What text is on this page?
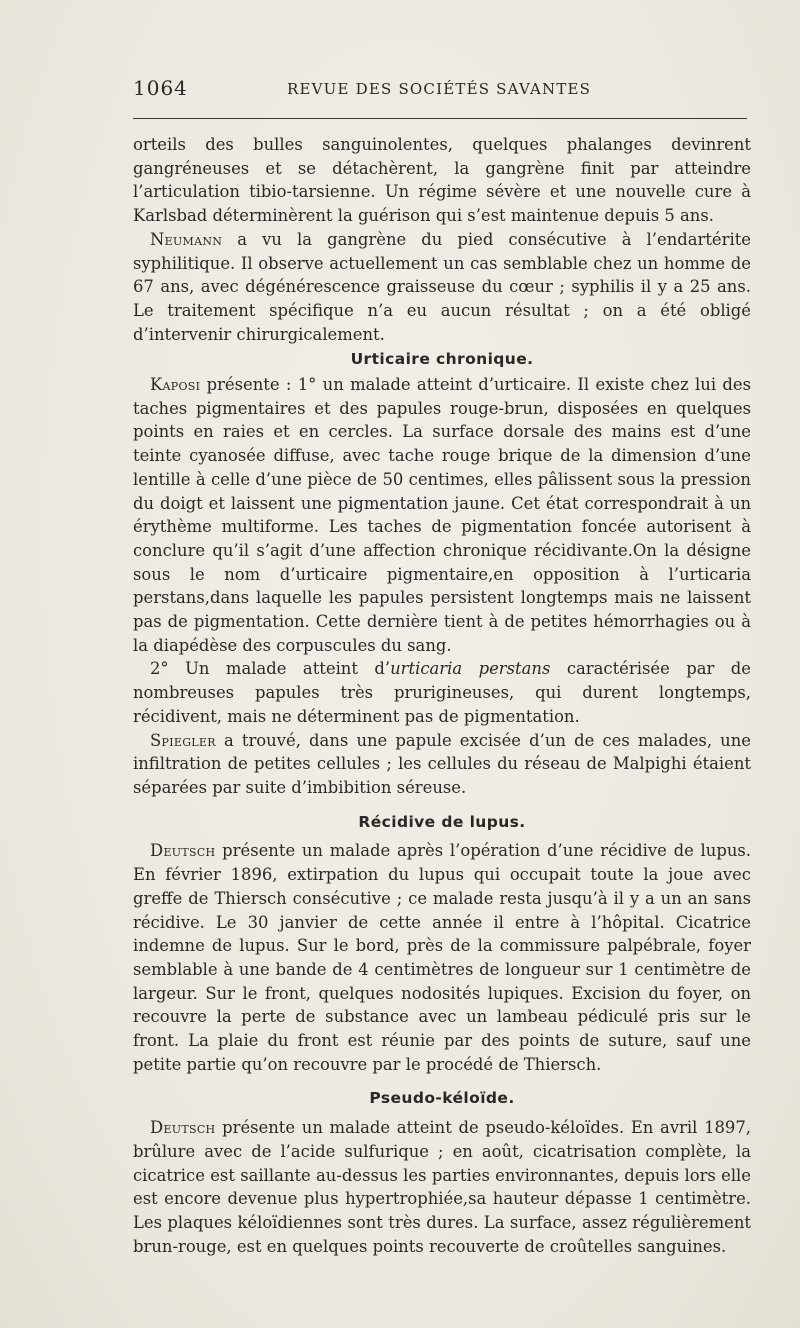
1064	REVUE DES SOCIÉTÉS SAVANTES

orteils des bulles sanguinolentes, quelques phalanges devinrent gangréneuses et se détachèrent, la gangrène finit par atteindre l’articulation tibio-tarsienne. Un régime sévère et une nouvelle cure à Karlsbad déterminèrent la guérison qui s’est maintenue depuis 5 ans.

Neumann a vu la gangrène du pied consécutive à l’endartérite syphilitique. Il observe actuellement un cas semblable chez un homme de 67 ans, avec dégénérescence graisseuse du cœur ; syphilis il y a 25 ans. Le traitement spécifique n’a eu aucun résultat ; on a été obligé d’intervenir chirurgicalement.

Urticaire chronique.

Kaposi présente : 1° un malade atteint d’urticaire. Il existe chez lui des taches pigmentaires et des papules rouge-brun, disposées en quelques points en raies et en cercles. La surface dorsale des mains est d’une teinte cyanosée diffuse, avec tache rouge brique de la dimension d’une lentille à celle d’une pièce de 50 centimes, elles pâlissent sous la pression du doigt et laissent une pigmentation jaune. Cet état correspondrait à un érythème multiforme. Les taches de pigmentation foncée autorisent à conclure qu’il s’agit d’une affection chronique récidivante.On la désigne sous le nom d’urticaire pigmentaire,en opposition à l’urticaria perstans,dans laquelle les papules persistent longtemps mais ne laissent pas de pigmentation. Cette dernière tient à de petites hémorrhagies ou à la diapédèse des corpuscules du sang.

2° Un malade atteint d’urticaria perstans caractérisée par de nombreuses papules très prurigineuses, qui durent longtemps, récidivent, mais ne déterminent pas de pigmentation.

Spiegler a trouvé, dans une papule excisée d’un de ces malades, une infiltration de petites cellules ; les cellules du réseau de Malpighi étaient séparées par suite d’imbibition séreuse.

Récidive de lupus.

Deutsch présente un malade après l’opération d’une récidive de lupus. En février 1896, extirpation du lupus qui occupait toute la joue avec greffe de Thiersch consécutive ; ce malade resta jusqu’à il y a un an sans récidive. Le 30 janvier de cette année il entre à l’hôpital. Cicatrice indemne de lupus. Sur le bord, près de la commissure palpébrale, foyer semblable à une bande de 4 centimètres de longueur sur 1 centimètre de largeur. Sur le front, quelques nodosités lupiques. Excision du foyer, on recouvre la perte de substance avec un lambeau pédiculé pris sur le front. La plaie du front est réunie par des points de suture, sauf une petite partie qu’on recouvre par le procédé de Thiersch.

Pseudo-kéloïde.

Deutsch présente un malade atteint de pseudo-kéloïdes. En avril 1897, brûlure avec de l’acide sulfurique ; en août, cicatrisation complète, la cicatrice est saillante au-dessus les parties environnantes, depuis lors elle est encore devenue plus hypertrophiée,sa hauteur dépasse 1 centimètre. Les plaques kéloïdiennes sont très dures. La surface, assez régulièrement brun-rouge, est en quelques points recouverte de croûtelles sanguines.
